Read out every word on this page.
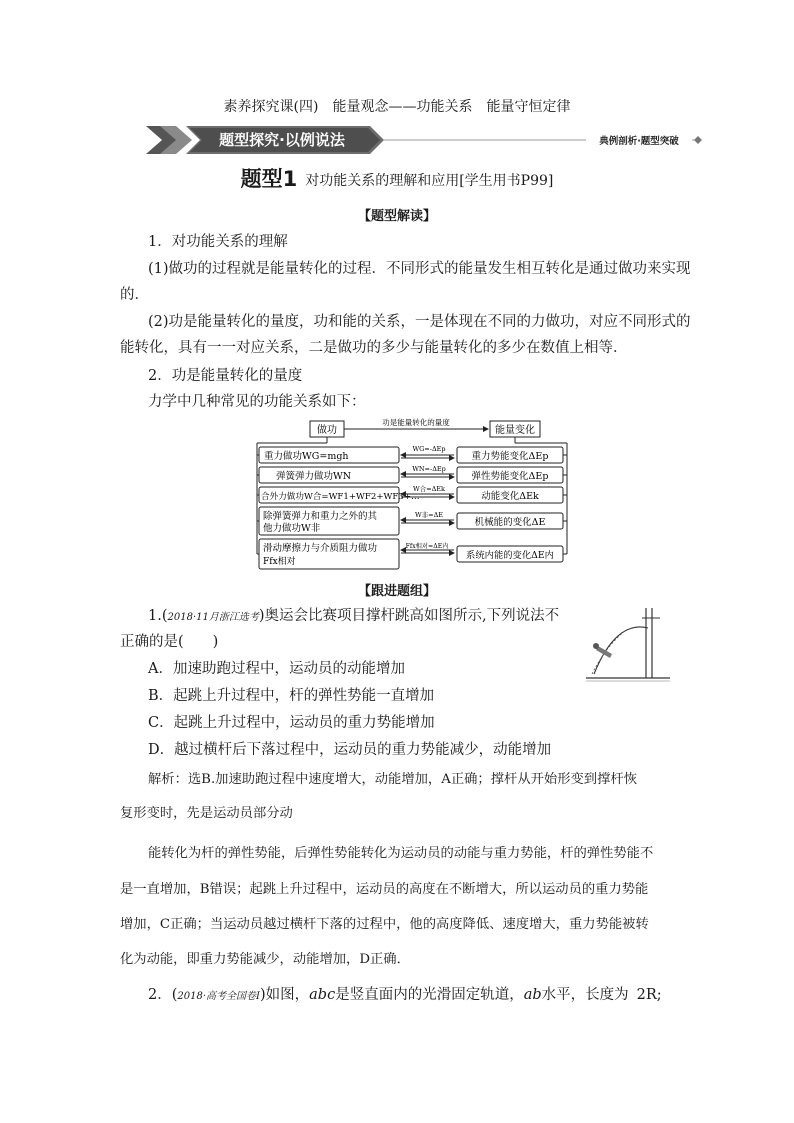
素养探究课(四)　能量观念——功能关系　能量守恒定律
题型探究·以例说法	典例剖析·题型突破
题型1 对功能关系的理解和应用[学生用书P99]
【题型解读】
1．对功能关系的理解
(1)做功的过程就是能量转化的过程．不同形式的能量发生相互转化是通过做功来实现
的．
(2)功是能量转化的量度，功和能的关系，一是体现在不同的力做功，对应不同形式的
能转化，具有一一对应关系，二是做功的多少与能量转化的多少在数值上相等．
2．功是能量转化的量度
力学中几种常见的功能关系如下：
做功	能量变化
功是能量转化的量度
重力做功WG=mgh
WG=-ΔEp
重力势能变化ΔEp
弹簧弹力做功WN
WN=-ΔEp
弹性势能变化ΔEp
合外力做功W合=WF1+WF2+WF3+…
W合=ΔEk
动能变化ΔEk
除弹簧弹力和重力之外的其
他力做功W非
W非=ΔE
机械能的变化ΔE
滑动摩擦力与介质阻力做功
Ffx相对
Ffx相对=ΔE内
系统内能的变化ΔE内
【跟进题组】
1.(2018·11月浙江选考)奥运会比赛项目撑杆跳高如图所示,下列说法不
正确的是(　　)
A．加速助跑过程中，运动员的动能增加
B．起跳上升过程中，杆的弹性势能一直增加
C．起跳上升过程中，运动员的重力势能增加
D．越过横杆后下落过程中，运动员的重力势能减少，动能增加
解析：选B.加速助跑过程中速度增大，动能增加，A正确；撑杆从开始形变到撑杆恢
复形变时，先是运动员部分动
能转化为杆的弹性势能，后弹性势能转化为运动员的动能与重力势能，杆的弹性势能不
是一直增加，B错误；起跳上升过程中，运动员的高度在不断增大，所以运动员的重力势能
增加，C正确；当运动员越过横杆下落的过程中，他的高度降低、速度增大，重力势能被转
化为动能，即重力势能减少，动能增加，D正确．
2．(2018·高考全国卷Ⅰ)如图，abc是竖直面内的光滑固定轨道，ab水平，长度为 2R;
